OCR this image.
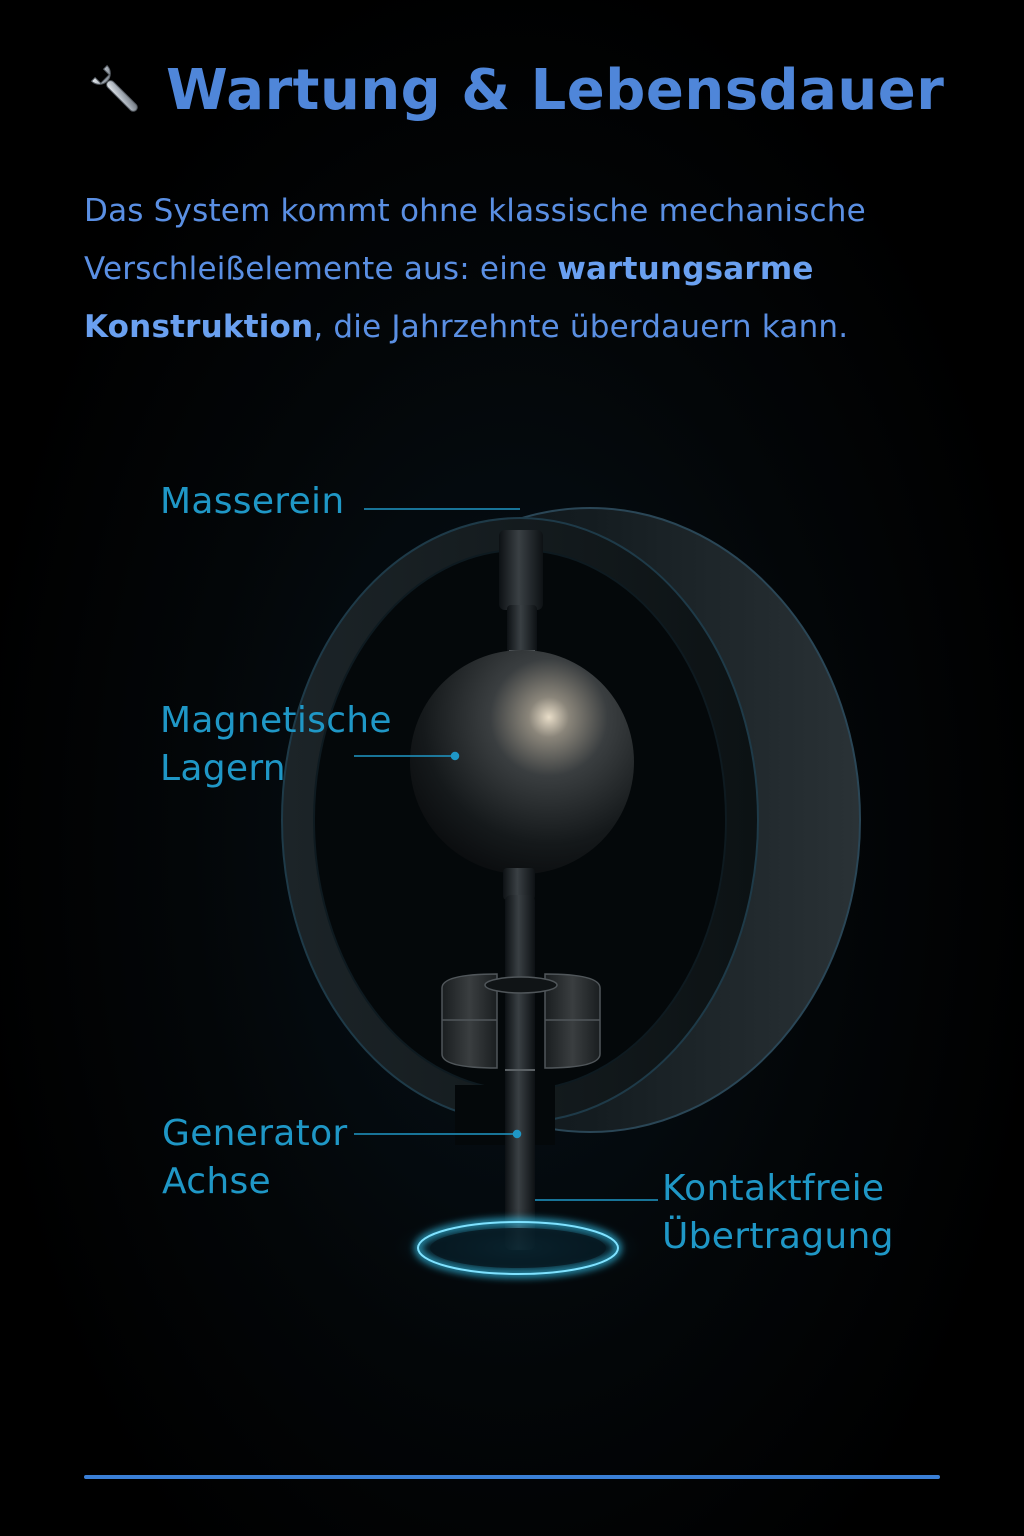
Wartung & Lebensdauer
Das System kommt ohne klassische mechanische Verschleißelemente aus: eine wartungsarme Konstruktion, die Jahrzehnte überdauern kann.
Masserein
Magnetische
Lagern
Generator
Achse	Kontaktfreie
Übertragung
